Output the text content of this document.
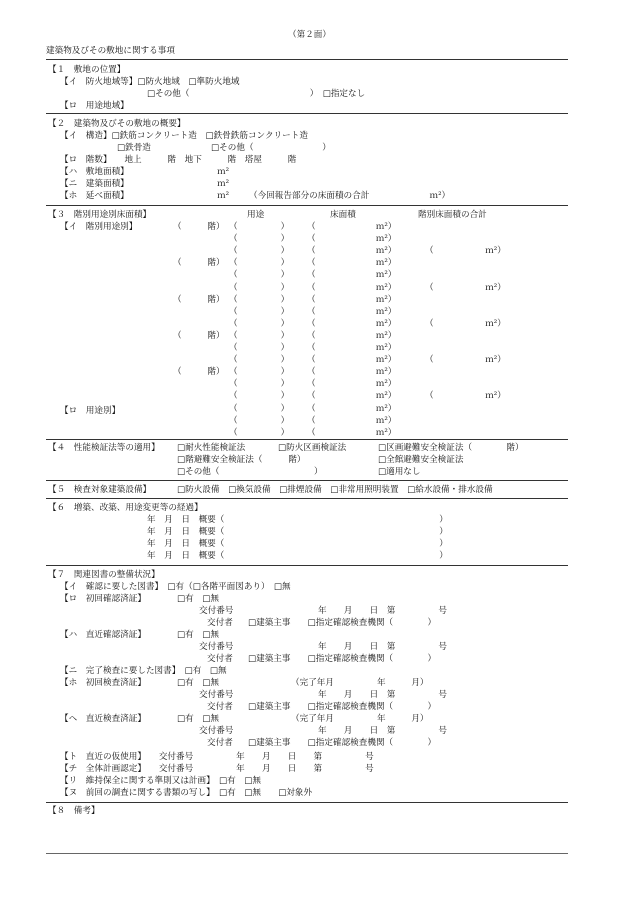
（第２面）
建築物及びその敷地に関する事項
【１　敷地の位置】
【イ　防火地域等】□防火地域　□準防火地域
□その他（　　　　　　　　　　　　　　）　□指定なし
【ロ　用途地域】
【２　建築物及びその敷地の概要】
【イ　構造】□鉄筋コンクリート造　□鉄骨鉄筋コンクリート造
□鉄骨造　　　　　　　□その他（　　　　　　　　）
【ロ　階数】　　地上　　　階　地下　　　階　塔屋　　　階
【ハ　敷地面積】	ｍ²
【ニ　建築面積】	ｍ²
【ホ　延べ面積】	ｍ² （今回報告部分の床面積の合計　　　　　　　ｍ²）
【３　階別用途別床面積】	用途	床面積	階別床面積の合計
【イ　階別用途別】
【ロ　用途別】
（　　　階） （　　　　　） （　　　　　　　ｍ²）
（　　　　　） （　　　　　　　ｍ²）
（　　　　　） （　　　　　　　ｍ²）	（　　　　　　ｍ²）
（　　　階） （　　　　　） （　　　　　　　ｍ²）
（　　　　　） （　　　　　　　ｍ²）
（　　　　　） （　　　　　　　ｍ²）	（　　　　　　ｍ²）
（　　　階） （　　　　　） （　　　　　　　ｍ²）
（　　　　　） （　　　　　　　ｍ²）
（　　　　　） （　　　　　　　ｍ²）	（　　　　　　ｍ²）
（　　　階） （　　　　　） （　　　　　　　ｍ²）
（　　　　　） （　　　　　　　ｍ²）
（　　　　　） （　　　　　　　ｍ²）	（　　　　　　ｍ²）
（　　　階） （　　　　　） （　　　　　　　ｍ²）
（　　　　　） （　　　　　　　ｍ²）
（　　　　　） （　　　　　　　ｍ²）	（　　　　　　ｍ²）
（　　　　　） （　　　　　　　ｍ²）
（　　　　　） （　　　　　　　ｍ²）
（　　　　　） （　　　　　　　ｍ²）
【４　性能検証法等の適用】 □耐火性能検証法	□防火区画検証法	□区画避難安全検証法（　　　　階）
□階避難安全検証法（　　　階）	□全館避難安全検証法
□その他（　　　　　　　　　　　）	□適用なし
【５　検査対象建築設備】	□防火設備　□換気設備　□排煙設備　□非常用照明装置　□給水設備・排水設備
【６　増築、改築、用途変更等の経過】
年　月　日　概要（　　　　　　　　　　　　　　　　　　　　　　　　　）
年　月　日　概要（　　　　　　　　　　　　　　　　　　　　　　　　　）
年　月　日　概要（　　　　　　　　　　　　　　　　　　　　　　　　　）
年　月　日　概要（　　　　　　　　　　　　　　　　　　　　　　　　　）
【７　関連図書の整備状況】
【イ　確認に要した図書】　□有（□各階平面図あり）　□無
【ロ　初回確認済証】	□有　□無
交付番号	年　　月　　日　第　　　　　号
交付者 □建築主事　　□指定確認検査機関（　　　　）
【ハ　直近確認済証】	□有　□無
交付番号	年　　月　　日　第　　　　　号
交付者 □建築主事　　□指定確認検査機関（　　　　）
【ニ　完了検査に要した図書】　□有　□無
【ホ　初回検査済証】	□有　□無	（完了年月　　　　　年　　　月）
交付番号	年　　月　　日　第　　　　　号
交付者 □建築主事　　□指定確認検査機関（　　　　）
【ヘ　直近検査済証】	□有　□無	（完了年月　　　　　年　　　月）
交付番号	年　　月　　日　第　　　　　号
交付者 □建築主事　　□指定確認検査機関（　　　　）
【ト　直近の仮使用】　　交付番号　　　　　年　　月　　日　　第　　　　　号
【チ　全体計画認定】　　交付番号　　　　　年　　月　　日　　第　　　　　号
【リ　維持保全に関する準則又は計画】　□有　□無
【ヌ　前回の調査に関する書類の写し】　□有　□無　　□対象外
【８　備考】
